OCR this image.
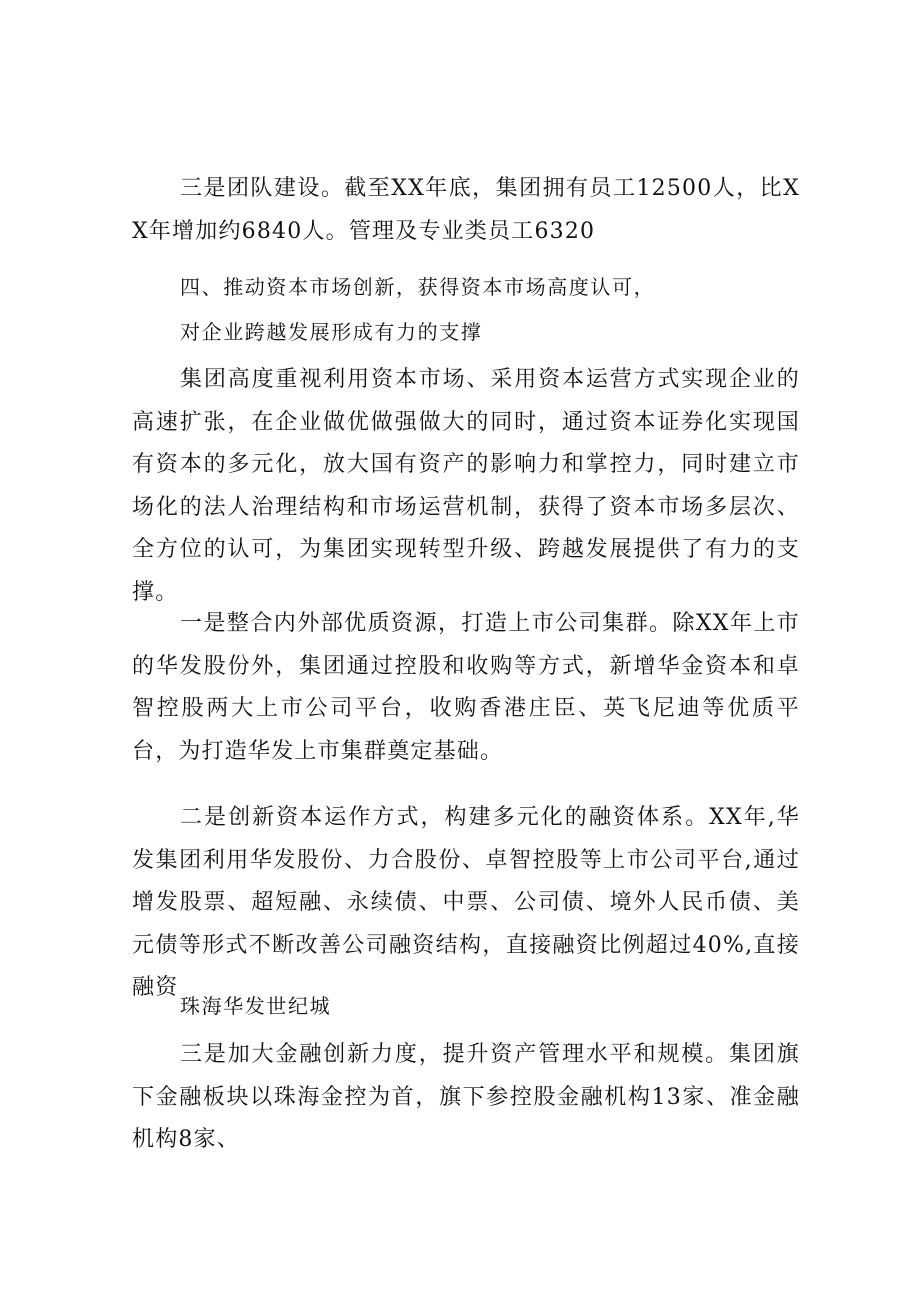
三是团队建设。截至XX年底，集团拥有员工12500人，比XX年增加约6840人。管理及专业类员工6320

四、推动资本市场创新，获得资本市场高度认可，

对企业跨越发展形成有力的支撑

集团高度重视利用资本市场、采用资本运营方式实现企业的高速扩张，在企业做优做强做大的同时，通过资本证券化实现国有资本的多元化，放大国有资产的影响力和掌控力，同时建立市场化的法人治理结构和市场运营机制，获得了资本市场多层次、全方位的认可，为集团实现转型升级、跨越发展提供了有力的支撑。

一是整合内外部优质资源，打造上市公司集群。除XX年上市的华发股份外，集团通过控股和收购等方式，新增华金资本和卓智控股两大上市公司平台，收购香港庄臣、英飞尼迪等优质平台，为打造华发上市集群奠定基础。

二是创新资本运作方式，构建多元化的融资体系。XX年,华发集团利用华发股份、力合股份、卓智控股等上市公司平台,通过增发股票、超短融、永续债、中票、公司债、境外人民币债、美元债等形式不断改善公司融资结构，直接融资比例超过40%,直接融资

珠海华发世纪城

三是加大金融创新力度，提升资产管理水平和规模。集团旗下金融板块以珠海金控为首，旗下参控股金融机构13家、准金融机构8家、
